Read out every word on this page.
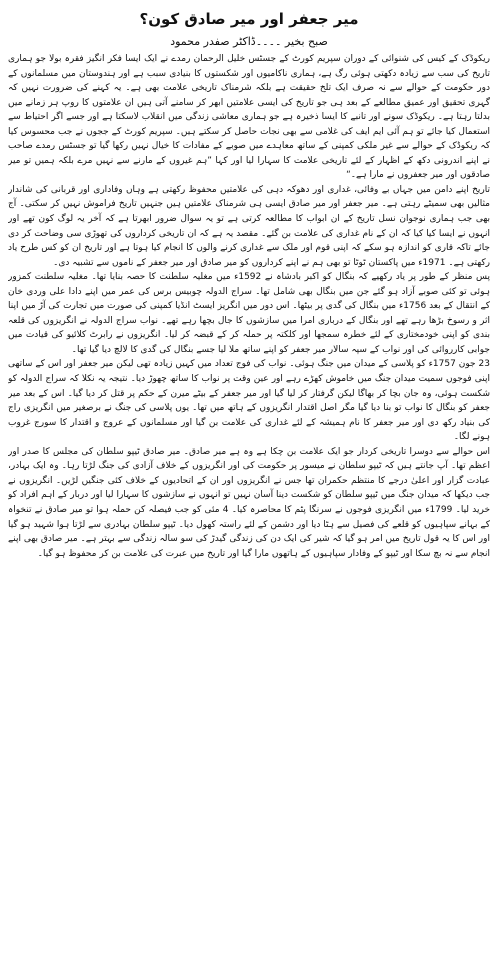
میر جعفر اور میر صادق کون؟
صبح بخیر ۔۔۔۔ڈاکٹر صفدر محمود

ریکوڈک کے کیس کی شنوائی کے دوران سپریم کورٹ کے جسٹس خلیل الرحمان رمدے نے ایک ایسا فکر انگیز فقرہ بولا جو ہماری تاریخ کی سب سے زیادہ دکھتی ہوئی رگ ہے، ہماری ناکامیوں اور شکستوں کا بنیادی سبب ہے اور ہندوستان میں مسلمانوں کے دور حکومت کے حوالے سے نہ صرف ایک تلخ حقیقت ہے بلکہ شرمناک تاریخی علامت بھی ہے۔ یہ کہنے کی ضرورت نہیں کہ گہری تحقیق اور عمیق مطالعے کے بعد ہی جو تاریخ کی ایسی علامتیں ابھر کر سامنے آتی ہیں ان علامتوں کا روپ ہر زمانے میں بدلتا رہتا ہے۔ ریکوڈک سونے اور تانبے کا ایسا ذخیرہ ہے جو ہماری معاشی زندگی میں انقلاب لاسکتا ہے اور جسے اگر احتیاط سے استعمال کیا جائے تو ہم آئی ایم ایف کی غلامی سے بھی نجات حاصل کر سکتے ہیں۔ سپریم کورٹ کے ججوں نے جب محسوس کیا کہ ریکوڈک کے حوالے سے غیر ملکی کمپنی کے ساتھ معاہدے میں صوبے کے مفادات کا خیال نہیں رکھا گیا تو جسٹس رمدے صاحب نے اپنے اندرونی دکھ کے اظہار کے لئے تاریخی علامت کا سہارا لیا اور کہا ”ہم غیروں کے مارنے سے نہیں مرے بلکہ ہمیں تو میر صادقوں اور میر جعفروں نے مارا ہے۔“

تاریخ اپنے دامن میں جہاں بے وفائی، غداری اور دھوکہ دہی کی علامتیں محفوظ رکھتی ہے وہاں وفاداری اور قربانی کی شاندار مثالیں بھی سمیٹے رہتی ہے۔ میر جعفر اور میر صادق ایسی ہی شرمناک علامتیں ہیں جنہیں تاریخ فراموش نہیں کر سکتی۔ آج بھی جب ہماری نوجوان نسل تاریخ کے ان ابواب کا مطالعہ کرتی ہے تو یہ سوال ضرور ابھرتا ہے کہ آخر یہ لوگ کون تھے اور انہوں نے ایسا کیا کیا کہ ان کے نام غداری کی علامت بن گئے۔ مقصد یہ ہے کہ ان تاریخی کرداروں کی تھوڑی سی وضاحت کر دی جائے تاکہ قاری کو اندازہ ہو سکے کہ اپنی قوم اور ملک سے غداری کرنے والوں کا انجام کیا ہوتا ہے اور تاریخ ان کو کس طرح یاد رکھتی ہے۔ 1971ء میں پاکستان ٹوٹا تو بھی ہم نے اپنے کرداروں کو میر صادق اور میر جعفر کے ناموں سے تشبیہ دی۔

پس منظر کے طور پر یاد رکھیے کہ بنگال کو اکبر بادشاہ نے 1592ء میں مغلیہ سلطنت کا حصہ بنایا تھا۔ مغلیہ سلطنت کمزور ہوئی تو کئی صوبے آزاد ہو گئے جن میں بنگال بھی شامل تھا۔ سراج الدولہ چوبیس برس کی عمر میں اپنے دادا علی وردی خان کے انتقال کے بعد 1756ء میں بنگال کی گدی پر بیٹھا۔ اس دور میں انگریز ایسٹ انڈیا کمپنی کی صورت میں تجارت کی آڑ میں اپنا اثر و رسوخ بڑھا رہے تھے اور بنگال کے درباری امرا میں سازشوں کا جال بچھا رہے تھے۔ نواب سراج الدولہ نے انگریزوں کی قلعہ بندی کو اپنی خودمختاری کے لئے خطرہ سمجھا اور کلکتہ پر حملہ کر کے قبضہ کر لیا۔ انگریزوں نے رابرٹ کلائیو کی قیادت میں جوابی کارروائی کی اور نواب کے سپہ سالار میر جعفر کو اپنے ساتھ ملا لیا جسے بنگال کی گدی کا لالچ دیا گیا تھا۔

23 جون 1757ء کو پلاسی کے میدان میں جنگ ہوئی۔ نواب کی فوج تعداد میں کہیں زیادہ تھی لیکن میر جعفر اور اس کے ساتھی اپنی فوجوں سمیت میدان جنگ میں خاموش کھڑے رہے اور عین وقت پر نواب کا ساتھ چھوڑ دیا۔ نتیجہ یہ نکلا کہ سراج الدولہ کو شکست ہوئی، وہ جان بچا کر بھاگا لیکن گرفتار کر لیا گیا اور میر جعفر کے بیٹے میرن کے حکم پر قتل کر دیا گیا۔ اس کے بعد میر جعفر کو بنگال کا نواب تو بنا دیا گیا مگر اصل اقتدار انگریزوں کے ہاتھ میں تھا۔ یوں پلاسی کی جنگ نے برصغیر میں انگریزی راج کی بنیاد رکھ دی اور میر جعفر کا نام ہمیشہ کے لئے غداری کی علامت بن گیا اور مسلمانوں کے عروج و اقتدار کا سورج غروب ہونے لگا۔

اس حوالے سے دوسرا تاریخی کردار جو ایک علامت بن چکا ہے وہ ہے میر صادق۔ میر صادق ٹیپو سلطان کی مجلس کا صدر اور اعظم تھا۔ آپ جانتے ہیں کہ ٹیپو سلطان نے میسور پر حکومت کی اور انگریزوں کے خلاف آزادی کی جنگ لڑتا رہا۔ وہ ایک بہادر، عبادت گزار اور اعلیٰ درجے کا منتظم حکمران تھا جس نے انگریزوں اور ان کے اتحادیوں کے خلاف کئی جنگیں لڑیں۔ انگریزوں نے جب دیکھا کہ میدان جنگ میں ٹیپو سلطان کو شکست دینا آسان نہیں تو انہوں نے سازشوں کا سہارا لیا اور دربار کے اہم افراد کو خرید لیا۔ 1799ء میں انگریزی فوجوں نے سرنگا پٹم کا محاصرہ کیا۔ 4 مئی کو جب فیصلہ کن حملہ ہوا تو میر صادق نے تنخواہ کے بہانے سپاہیوں کو قلعے کی فصیل سے ہٹا دیا اور دشمن کے لئے راستہ کھول دیا۔ ٹیپو سلطان بہادری سے لڑتا ہوا شہید ہو گیا اور اس کا یہ قول تاریخ میں امر ہو گیا کہ شیر کی ایک دن کی زندگی گیدڑ کی سو سالہ زندگی سے بہتر ہے۔ میر صادق بھی اپنے انجام سے نہ بچ سکا اور ٹیپو کے وفادار سپاہیوں کے ہاتھوں مارا گیا اور تاریخ میں عبرت کی علامت بن کر محفوظ ہو گیا۔
